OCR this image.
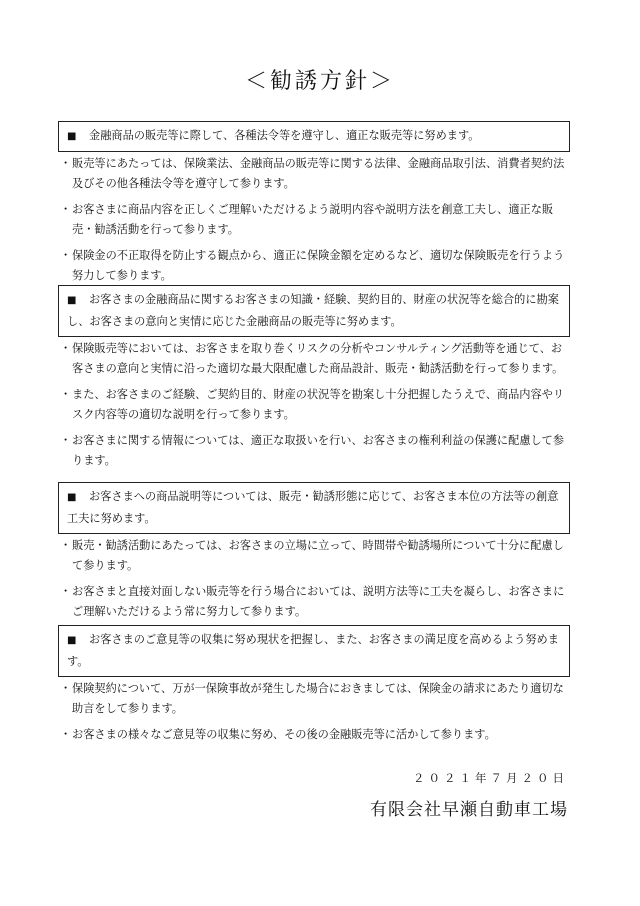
＜勧誘方針＞
■ 金融商品の販売等に際して、各種法令等を遵守し、適正な販売等に努めます。
・ 販売等にあたっては、保険業法、金融商品の販売等に関する法律、金融商品取引法、消費者契約法及びその他各種法令等を遵守して参ります。
・ お客さまに商品内容を正しくご理解いただけるよう説明内容や説明方法を創意工夫し、適正な販売・勧誘活動を行って参ります。
・ 保険金の不正取得を防止する観点から、適正に保険金額を定めるなど、適切な保険販売を行うよう努力して参ります。
■ お客さまの金融商品に関するお客さまの知識・経験、契約目的、財産の状況等を総合的に勘案し、お客さまの意向と実情に応じた金融商品の販売等に努めます。
・ 保険販売等においては、お客さまを取り巻くリスクの分析やコンサルティング活動等を通じて、お客さまの意向と実情に沿った適切な最大限配慮した商品設計、販売・勧誘活動を行って参ります。
・ また、お客さまのご経験、ご契約目的、財産の状況等を勘案し十分把握したうえで、商品内容やリスク内容等の適切な説明を行って参ります。
・ お客さまに関する情報については、適正な取扱いを行い、お客さまの権利利益の保護に配慮して参ります。
■ お客さまへの商品説明等については、販売・勧誘形態に応じて、お客さま本位の方法等の創意工夫に努めます。
・ 販売・勧誘活動にあたっては、お客さまの立場に立って、時間帯や勧誘場所について十分に配慮して参ります。
・ お客さまと直接対面しない販売等を行う場合においては、説明方法等に工夫を凝らし、お客さまにご理解いただけるよう常に努力して参ります。
■ お客さまのご意見等の収集に努め現状を把握し、また、お客さまの満足度を高めるよう努めます。
・ 保険契約について、万が一保険事故が発生した場合におきましては、保険金の請求にあたり適切な助言をして参ります。
・ お客さまの様々なご意見等の収集に努め、その後の金融販売等に活かして参ります。
２０２１年７月２０日
有限会社早瀬自動車工場
